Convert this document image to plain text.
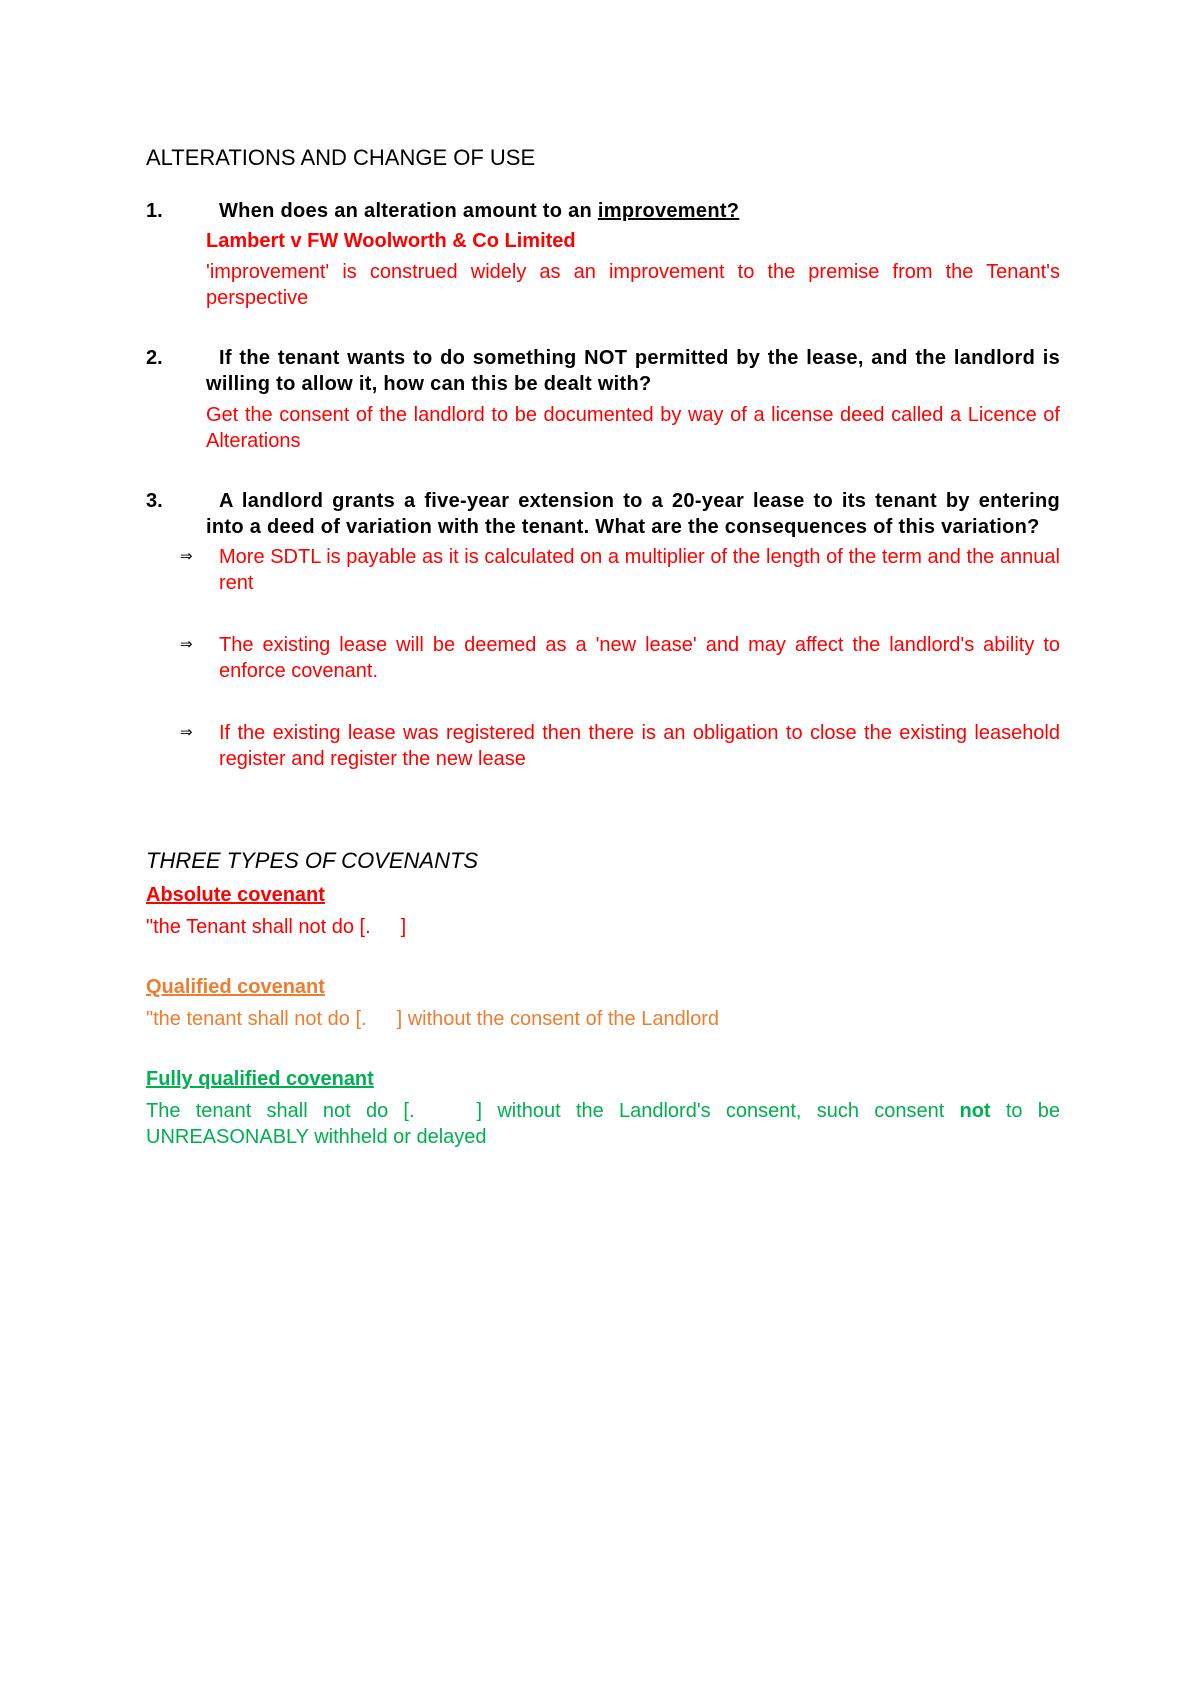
ALTERATIONS AND CHANGE OF USE
1.	When does an alteration amount to an improvement?
Lambert v FW Woolworth & Co Limited
'improvement' is construed widely as an improvement to the premise from the Tenant's perspective
2.	If the tenant wants to do something NOT permitted by the lease, and the landlord is willing to allow it, how can this be dealt with?
Get the consent of the landlord to be documented by way of a license deed called a Licence of Alterations
3.	A landlord grants a five-year extension to a 20-year lease to its tenant by entering into a deed of variation with the tenant. What are the consequences of this variation?
⇒ More SDTL is payable as it is calculated on a multiplier of the length of the term and the annual rent
⇒ The existing lease will be deemed as a 'new lease' and may affect the landlord's ability to enforce covenant.
⇒ If the existing lease was registered then there is an obligation to close the existing leasehold register and register the new lease
THREE TYPES OF COVENANTS
Absolute covenant
"the Tenant shall not do [. ]
Qualified covenant
"the tenant shall not do [. ] without the consent of the Landlord
Fully qualified covenant
The tenant shall not do [.	] without the Landlord's consent, such consent not to be UNREASONABLY withheld or delayed
